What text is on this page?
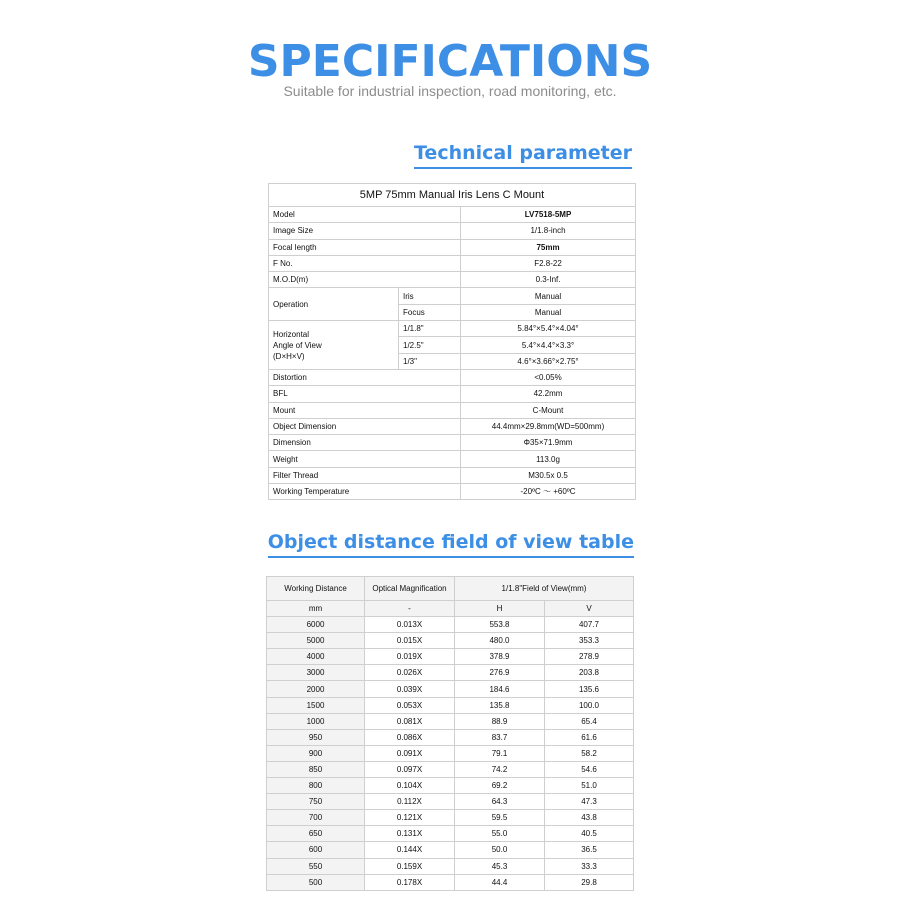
SPECIFICATIONS
Suitable for industrial inspection, road monitoring, etc.
Technical parameter
5MP 75mm Manual Iris Lens C Mount		
Model		LV7518-5MP
Image Size		1/1.8-inch
Focal length		75mm
F No.		F2.8-22
M.O.D(m)		0.3-Inf.
Operation	Iris	Manual
	Focus	Manual
Horizontal
Angle of View
(D×H×V)	1/1.8"	5.84°×5.4°×4.04°
	1/2.5"	5.4°×4.4°×3.3°
	1/3"	4.6°×3.66°×2.75°
Distortion		<0.05%
BFL		42.2mm
Mount		C-Mount
Object Dimension		44.4mm×29.8mm(WD=500mm)
Dimension		Φ35×71.9mm
Weight		113.0g
Filter Thread		M30.5x 0.5
Working Temperature		-20ºC ～ +60ºC
Object distance field of view table
Working Distance	Optical Magnification	1/1.8"Field of View(mm)	
mm	-	H	V
6000	0.013X	553.8	407.7
5000	0.015X	480.0	353.3
4000	0.019X	378.9	278.9
3000	0.026X	276.9	203.8
2000	0.039X	184.6	135.6
1500	0.053X	135.8	100.0
1000	0.081X	88.9	65.4
950	0.086X	83.7	61.6
900	0.091X	79.1	58.2
850	0.097X	74.2	54.6
800	0.104X	69.2	51.0
750	0.112X	64.3	47.3
700	0.121X	59.5	43.8
650	0.131X	55.0	40.5
600	0.144X	50.0	36.5
550	0.159X	45.3	33.3
500	0.178X	44.4	29.8
